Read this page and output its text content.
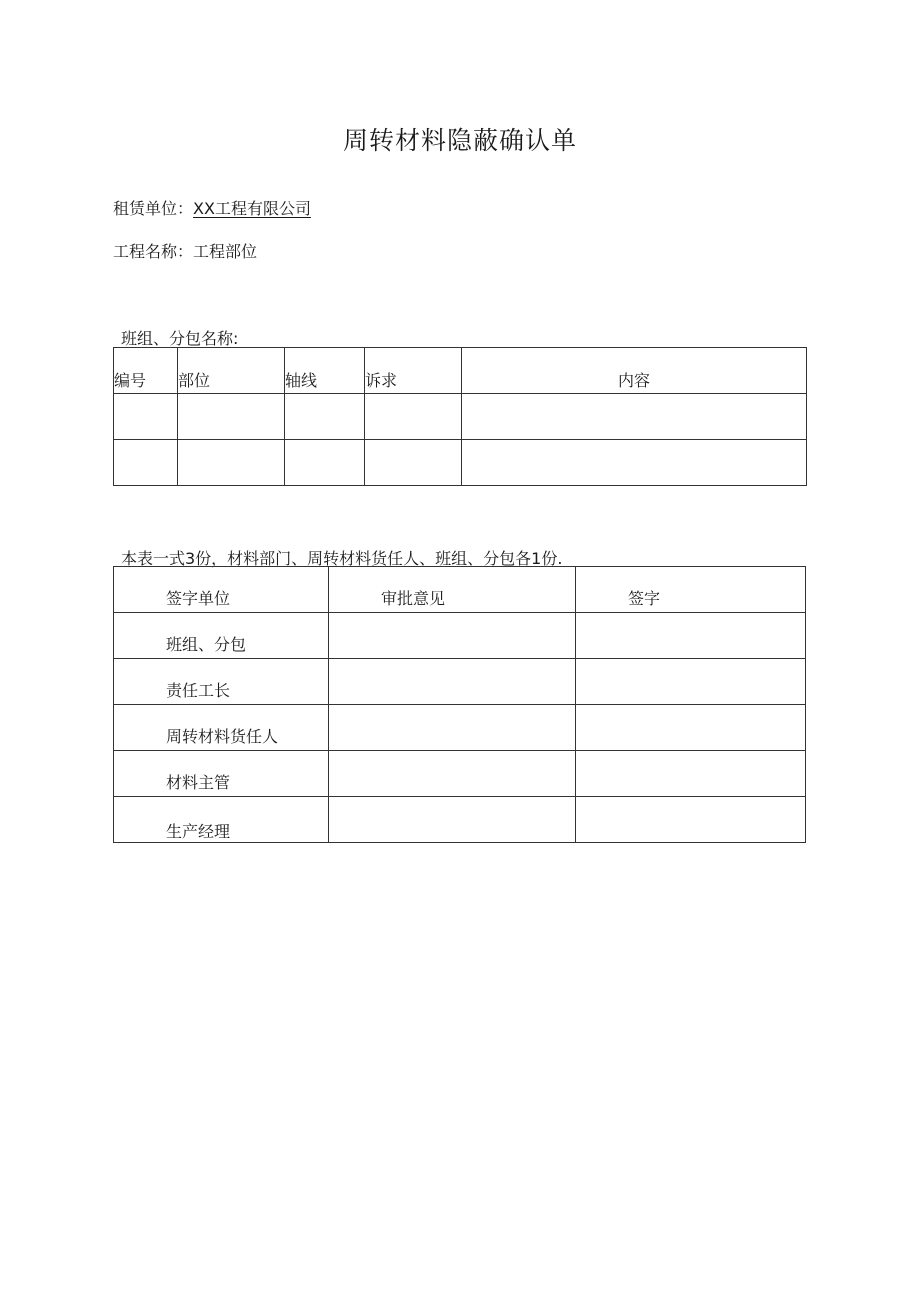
周转材料隐蔽确认单
租赁单位：XX工程有限公司
工程名称：工程部位
班组、分包名称:
编号	部位	轴线	诉求	内容

本表一式3份，材料部门、周转材料货任人、班组、分包各1份.
签字单位	审批意见	签字
班组、分包		
责任工长		
周转材料货任人		
材料主管		
生产经理		
